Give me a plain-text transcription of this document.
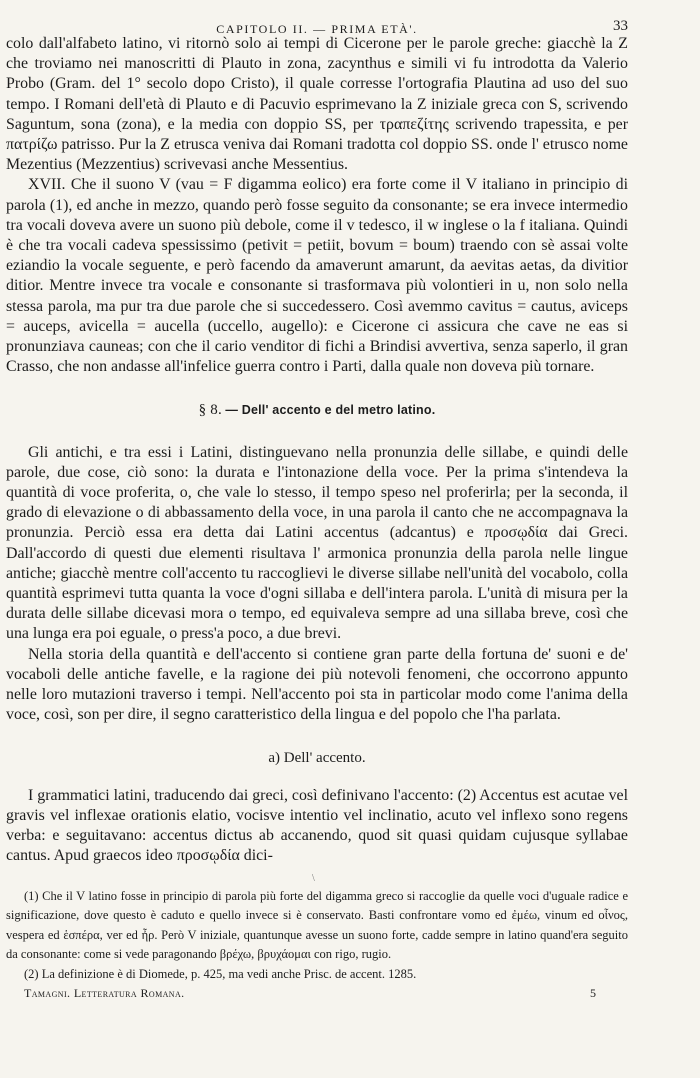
CAPITOLO II. — PRIMA ETÀ'.	33

colo dall'alfabeto latino, vi ritornò solo ai tempi di Cicerone per le parole greche: giacchè la Z che troviamo nei manoscritti di Plauto in zona, zacynthus e simili vi fu introdotta da Valerio Probo (Gram. del 1° secolo dopo Cristo), il quale corresse l'ortografia Plautina ad uso del suo tempo. I Romani dell'età di Plauto e di Pacuvio esprimevano la Z iniziale greca con S, scrivendo Saguntum, sona (zona), e la media con doppio SS, per τραπεζίτης scrivendo trapessita, e per πατρίζω patrisso. Pur la Z etrusca veniva dai Romani tradotta col doppio SS. onde l' etrusco nome Mezentius (Mezzentius) scrivevasi anche Messentius.

XVII. Che il suono V (vau = F digamma eolico) era forte come il V italiano in principio di parola (1), ed anche in mezzo, quando però fosse seguito da consonante; se era invece intermedio tra vocali doveva avere un suono più debole, come il v tedesco, il w inglese o la f italiana. Quindi è che tra vocali cadeva spessissimo (petivit = petiit, bovum = boum) traendo con sè assai volte eziandio la vocale seguente, e però facendo da amaverunt amarunt, da aevitas aetas, da divitior ditior. Mentre invece tra vocale e consonante si trasformava più volontieri in u, non solo nella stessa parola, ma pur tra due parole che si succedessero. Così avemmo cavitus = cautus, aviceps = auceps, avicella = aucella (uccello, augello): e Cicerone ci assicura che cave ne eas si pronunziava cauneas; con che il cario venditor di fichi a Brindisi avvertiva, senza saperlo, il gran Crasso, che non andasse all'infelice guerra contro i Parti, dalla quale non doveva più tornare.

§ 8. — Dell' accento e del metro latino.

Gli antichi, e tra essi i Latini, distinguevano nella pronunzia delle sillabe, e quindi delle parole, due cose, ciò sono: la durata e l'intonazione della voce. Per la prima s'intendeva la quantità di voce proferita, o, che vale lo stesso, il tempo speso nel proferirla; per la seconda, il grado di elevazione o di abbassamento della voce, in una parola il canto che ne accompagnava la pronunzia. Perciò essa era detta dai Latini accentus (adcantus) e προσῳδία dai Greci. Dall'accordo di questi due elementi risultava l' armonica pronunzia della parola nelle lingue antiche; giacchè mentre coll'accento tu raccoglievi le diverse sillabe nell'unità del vocabolo, colla quantità esprimevi tutta quanta la voce d'ogni sillaba e dell'intera parola. L'unità di misura per la durata delle sillabe dicevasi mora o tempo, ed equivaleva sempre ad una sillaba breve, così che una lunga era poi eguale, o press'a poco, a due brevi.

Nella storia della quantità e dell'accento si contiene gran parte della fortuna de' suoni e de' vocaboli delle antiche favelle, e la ragione dei più notevoli fenomeni, che occorrono appunto nelle loro mutazioni traverso i tempi. Nell'accento poi sta in particolar modo come l'anima della voce, così, son per dire, il segno caratteristico della lingua e del popolo che l'ha parlata.

a) Dell' accento.

I grammatici latini, traducendo dai greci, così definivano l'accento: (2) Accentus est acutae vel gravis vel inflexae orationis elatio, vocisve intentio vel inclinatio, acuto vel inflexo sono regens verba: e seguitavano: accentus dictus ab accanendo, quod sit quasi quidam cujusque syllabae cantus. Apud graecos ideo προσῳδία dici-

\

(1) Che il V latino fosse in principio di parola più forte del digamma greco si raccoglie da quelle voci d'uguale radice e significazione, dove questo è caduto e quello invece si è conservato. Basti confrontare vomo ed ἐμέω, vinum ed οἶνος, vespera ed ἑσπέρα, ver ed ἦρ. Però V iniziale, quantunque avesse un suono forte, cadde sempre in latino quand'era seguito da consonante: come si vede paragonando βρέχω, βρυχάομαι con rigo, rugio.

(2) La definizione è di Diomede, p. 425, ma vedi anche Prisc. de accent. 1285.

Tamagni. Letteratura Romana.	5
